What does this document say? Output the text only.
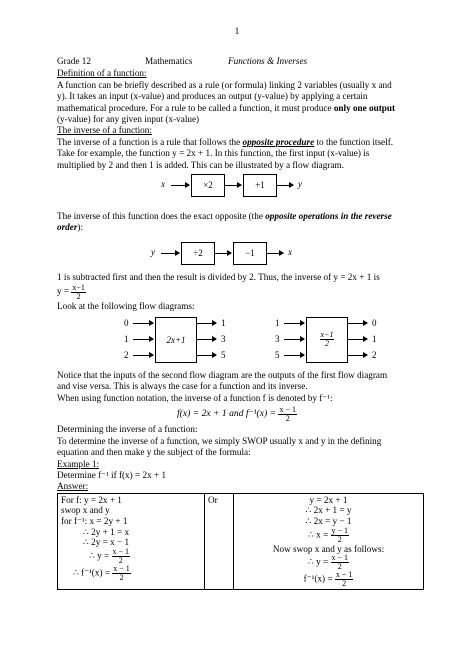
1
Grade 12	Mathematics	Functions & Inverses
Definition of a function:
A function can be briefly described as a rule (or formula) linking 2 variables (usually x and
y). It takes an input (x-value) and produces an output (y-value) by applying a certain
mathematical procedure. For a rule to be called a function, it must produce only one output
(y-value) for any given input (x-value)
The inverse of a function:
The inverse of a function is a rule that follows the opposite procedure to the function itself.
Take for example, the function y = 2x + 1. In this function, the first input (x-value) is
multiplied by 2 and then 1 is added. This can be illustrated by a flow diagram.
x	×2	+1	y
The inverse of this function does the exact opposite (the opposite operations in the reverse
order):
y	÷2	−1	x
1 is subtracted first and then the result is divided by 2. Thus, the inverse of y = 2x + 1 is
$y = \frac{x-1}{2}$
Look at the following flow diagrams:
0
1
2
2x+1
1
3
5
1
3
5
$\frac{x-1}{2}$
0
1
2
Notice that the inputs of the second flow diagram are the outputs of the first flow diagram
and vise versa. This is always the case for a function and its inverse.
When using function notation, the inverse of a function f is denoted by f⁻¹:
f(x) = 2x + 1 and $f^{-1}(x) = \frac{x - 1}{2}$
Determining the inverse of a function:
To determine the inverse of a function, we simply SWOP usually x and y in the defining
equation and then make y the subject of the formula:
Example 1:
Determine f⁻¹ if f(x) = 2x + 1
Answer:
For f: y = 2x + 1
swop x and y
for f⁻¹: x = 2y + 1
∴ 2y + 1 = x
∴ 2y = x − 1
∴ $y = \frac{x - 1}{2}$
∴ $f^{-1}(x) = \frac{x - 1}{2}$
	Or	y = 2x + 1
∴ 2x + 1 = y
∴ 2x = y − 1
∴ $x = \frac{y - 1}{2}$
Now swop x and y as follows:
∴ $y = \frac{x - 1}{2}$
$f^{-1}(x) = \frac{x - 1}{2}$
